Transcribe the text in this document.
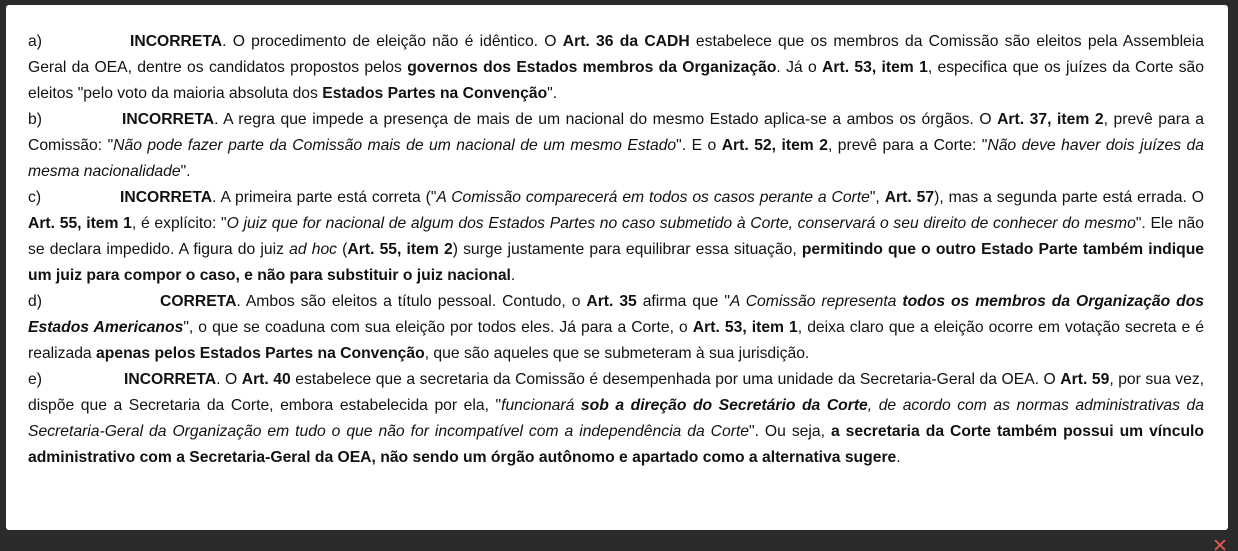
a)	INCORRETA. O procedimento de eleição não é idêntico. O Art. 36 da CADH estabelece que os membros da Comissão são eleitos pela Assembleia Geral da OEA, dentre os candidatos propostos pelos governos dos Estados membros da Organização. Já o Art. 53, item 1, especifica que os juízes da Corte são eleitos "pelo voto da maioria absoluta dos Estados Partes na Convenção".

b)	INCORRETA. A regra que impede a presença de mais de um nacional do mesmo Estado aplica-se a ambos os órgãos. O Art. 37, item 2, prevê para a Comissão: "Não pode fazer parte da Comissão mais de um nacional de um mesmo Estado". E o Art. 52, item 2, prevê para a Corte: "Não deve haver dois juízes da mesma nacionalidade".

c)	INCORRETA. A primeira parte está correta ("A Comissão comparecerá em todos os casos perante a Corte", Art. 57), mas a segunda parte está errada. O Art. 55, item 1, é explícito: "O juiz que for nacional de algum dos Estados Partes no caso submetido à Corte, conservará o seu direito de conhecer do mesmo". Ele não se declara impedido. A figura do juiz ad hoc (Art. 55, item 2) surge justamente para equilibrar essa situação, permitindo que o outro Estado Parte também indique um juiz para compor o caso, e não para substituir o juiz nacional.

d)	CORRETA. Ambos são eleitos a título pessoal. Contudo, o Art. 35 afirma que "A Comissão representa todos os membros da Organização dos Estados Americanos", o que se coaduna com sua eleição por todos eles. Já para a Corte, o Art. 53, item 1, deixa claro que a eleição ocorre em votação secreta e é realizada apenas pelos Estados Partes na Convenção, que são aqueles que se submeteram à sua jurisdição.

e)	INCORRETA. O Art. 40 estabelece que a secretaria da Comissão é desempenhada por uma unidade da Secretaria-Geral da OEA. O Art. 59, por sua vez, dispõe que a Secretaria da Corte, embora estabelecida por ela, "funcionará sob a direção do Secretário da Corte, de acordo com as normas administrativas da Secretaria-Geral da Organização em tudo o que não for incompatível com a independência da Corte". Ou seja, a secretaria da Corte também possui um vínculo administrativo com a Secretaria-Geral da OEA, não sendo um órgão autônomo e apartado como a alternativa sugere.
